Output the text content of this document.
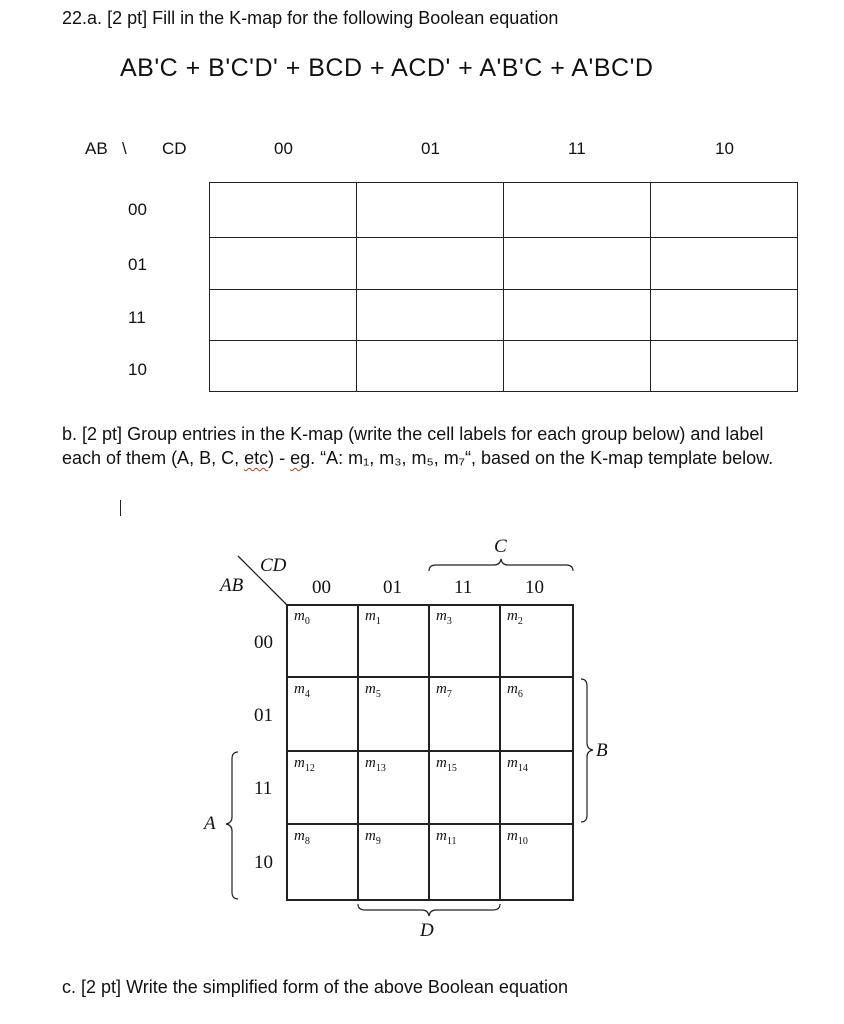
22.a. [2 pt] Fill in the K-map for the following Boolean equation
AB'C + B'C'D' + BCD + ACD' + A'B'C + A'BC'D
AB \ CD	00	01	11	10
00
01
11
10

b. [2 pt] Group entries in the K-map (write the cell labels for each group below) and label each of them (A, B, C, etc) - eg. “A: m₁, m₃, m₅, m₇“, based on the K-map template below.
CD
AB	00	01	11	10
00
01
11
10
C
B
A
D
$m_0$	$m_1$	$m_3$	$m_2$
$m_4$	$m_5$	$m_7$	$m_6$
$m_{12}$	$m_{13}$	$m_{15}$	$m_{14}$
$m_8$	$m_9$	$m_{11}$	$m_{10}$
c. [2 pt] Write the simplified form of the above Boolean equation
